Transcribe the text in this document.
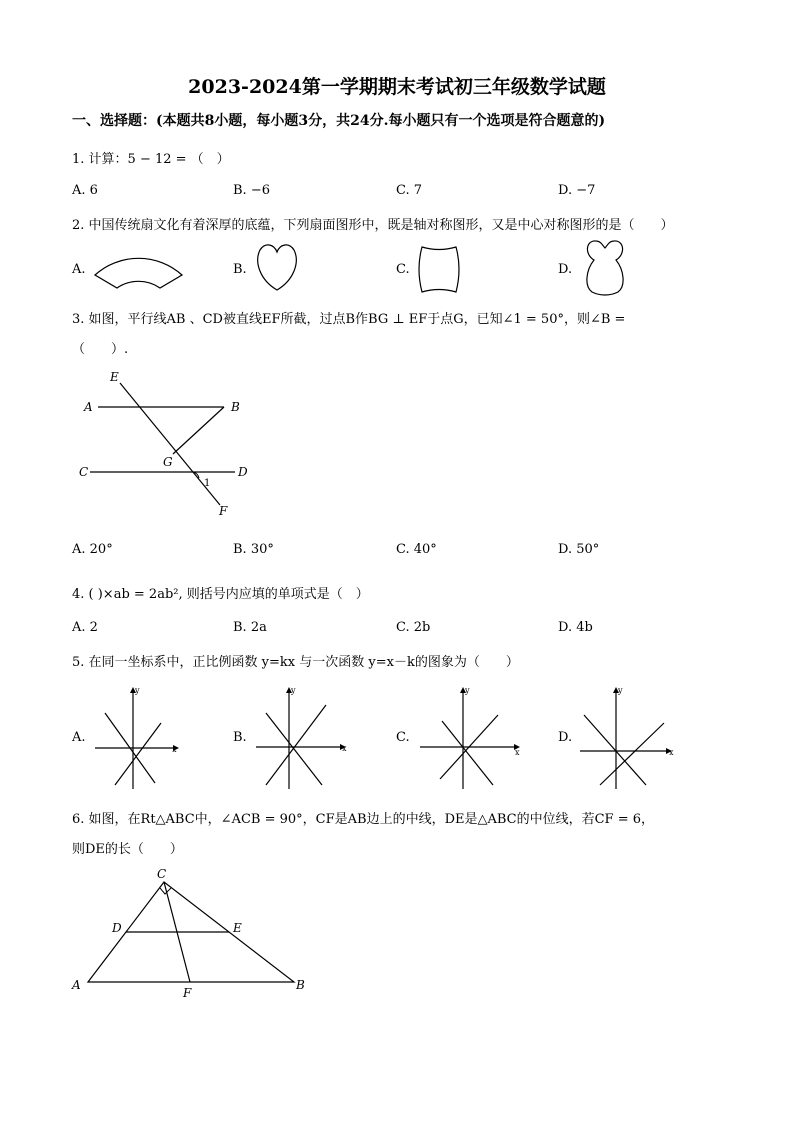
2023-2024第一学期期末考试初三年级数学试题
一、选择题：(本题共8小题，每小题3分，共24分.每小题只有一个选项是符合题意的)
1. 计算：5 − 12 = （　）
A. 6	B. −6	C. 7	D. −7
2. 中国传统扇文化有着深厚的底蕴，下列扇面图形中，既是轴对称图形，又是中心对称图形的是（　　）
A.	B.	C.	D.
3. 如图，平行线AB 、CD被直线EF所截，过点B作BG ⊥ EF于点G，已知∠1 = 50°，则∠B =
（　　）.
E
A	B
G
C	D
1
F
A. 20°	B. 30°	C. 40°	D. 50°
4. ( )×ab = 2ab², 则括号内应填的单项式是（　）
A. 2	B. 2a	C. 2b	D. 4b
5. 在同一坐标系中，正比例函数 y=kx 与一次函数 y=x－k的图象为（　　）
A.	B.	C.	D.
x
y
x
y
x
y
x
y
6. 如图，在Rt△ABC中，∠ACB = 90°，CF是AB边上的中线，DE是△ABC的中位线，若CF = 6，
则DE的长（　　）
C
D	E
A
F
B
